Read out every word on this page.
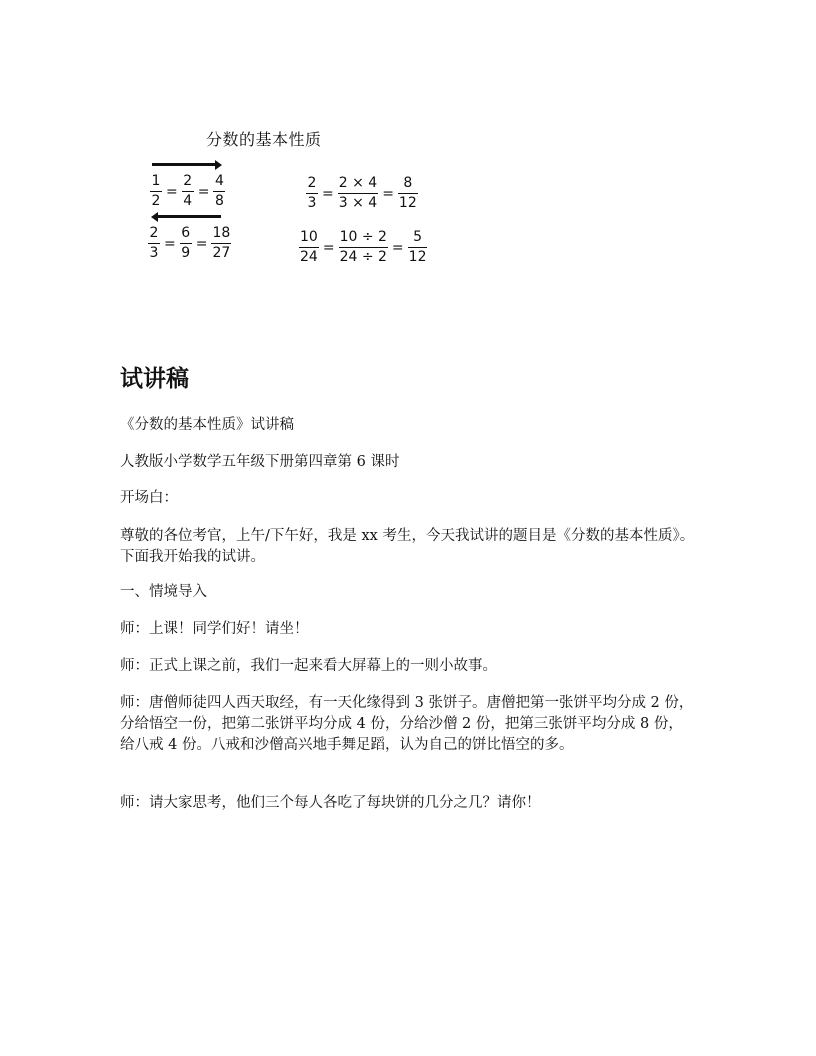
分数的基本性质
$\frac{1}{2} = \frac{2}{4} = \frac{4}{8}$
$\frac{2}{3} = \frac{6}{9} = \frac{18}{27}$
$\frac{2}{3} = \frac{2 \times 4}{3 \times 4} = \frac{8}{12}$
$\frac{10}{24} = \frac{10 \div 2}{24 \div 2} = \frac{5}{12}$
试讲稿

《分数的基本性质》试讲稿

人教版小学数学五年级下册第四章第 6 课时

开场白：

尊敬的各位考官，上午/下午好，我是 xx 考生，今天我试讲的题目是《分数的基本性质》。下面我开始我的试讲。

一、情境导入

师：上课！同学们好！请坐！

师：正式上课之前，我们一起来看大屏幕上的一则小故事。

师：唐僧师徒四人西天取经，有一天化缘得到 3 张饼子。唐僧把第一张饼平均分成 2 份，分给悟空一份，把第二张饼平均分成 4 份，分给沙僧 2 份，把第三张饼平均分成 8 份，给八戒 4 份。八戒和沙僧高兴地手舞足蹈，认为自己的饼比悟空的多。

师：请大家思考，他们三个每人各吃了每块饼的几分之几？请你！
